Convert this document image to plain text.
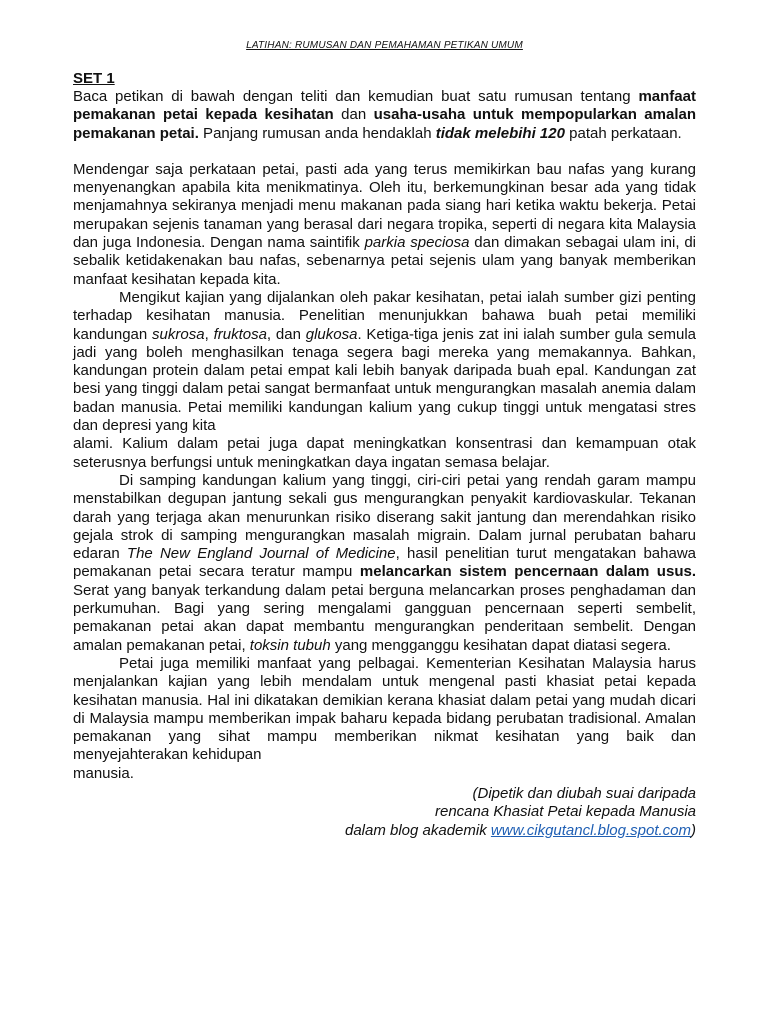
LATIHAN: RUMUSAN DAN PEMAHAMAN PETIKAN UMUM
SET 1

Baca petikan di bawah dengan teliti dan kemudian buat satu rumusan tentang manfaat pemakanan petai kepada kesihatan dan usaha-usaha untuk mempopularkan amalan pemakanan petai. Panjang rumusan anda hendaklah tidak melebihi 120 patah perkataan.

Mendengar saja perkataan petai, pasti ada yang terus memikirkan bau nafas yang kurang menyenangkan apabila kita menikmatinya. Oleh itu, berkemungkinan besar ada yang tidak menjamahnya sekiranya menjadi menu makanan pada siang hari ketika waktu bekerja. Petai merupakan sejenis tanaman yang berasal dari negara tropika, seperti di negara kita Malaysia dan juga Indonesia. Dengan nama saintifik parkia speciosa dan dimakan sebagai ulam ini, di sebalik ketidakenakan bau nafas, sebenarnya petai sejenis ulam yang banyak memberikan manfaat kesihatan kepada kita.

Mengikut kajian yang dijalankan oleh pakar kesihatan, petai ialah sumber gizi penting terhadap kesihatan manusia. Penelitian menunjukkan bahawa buah petai memiliki kandungan sukrosa, fruktosa, dan glukosa. Ketiga-tiga jenis zat ini ialah sumber gula semula jadi yang boleh menghasilkan tenaga segera bagi mereka yang memakannya. Bahkan, kandungan protein dalam petai empat kali lebih banyak daripada buah epal. Kandungan zat besi yang tinggi dalam petai sangat bermanfaat untuk mengurangkan masalah anemia dalam badan manusia. Petai memiliki kandungan kalium yang cukup tinggi untuk mengatasi stres dan depresi yang kita

alami. Kalium dalam petai juga dapat meningkatkan konsentrasi dan kemampuan otak seterusnya berfungsi untuk meningkatkan daya ingatan semasa belajar.

Di samping kandungan kalium yang tinggi, ciri-ciri petai yang rendah garam mampu menstabilkan degupan jantung sekali gus mengurangkan penyakit kardiovaskular. Tekanan darah yang terjaga akan menurunkan risiko diserang sakit jantung dan merendahkan risiko gejala strok di samping mengurangkan masalah migrain. Dalam jurnal perubatan baharu edaran The New England Journal of Medicine, hasil penelitian turut mengatakan bahawa pemakanan petai secara teratur mampu melancarkan sistem pencernaan dalam usus. Serat yang banyak terkandung dalam petai berguna melancarkan proses penghadaman dan perkumuhan. Bagi yang sering mengalami gangguan pencernaan seperti sembelit, pemakanan petai akan dapat membantu mengurangkan penderitaan sembelit. Dengan amalan pemakanan petai, toksin tubuh yang mengganggu kesihatan dapat diatasi segera.

Petai juga memiliki manfaat yang pelbagai. Kementerian Kesihatan Malaysia harus menjalankan kajian yang lebih mendalam untuk mengenal pasti khasiat petai kepada kesihatan manusia. Hal ini dikatakan demikian kerana khasiat dalam petai yang mudah dicari di Malaysia mampu memberikan impak baharu kepada bidang perubatan tradisional. Amalan pemakanan yang sihat mampu memberikan nikmat kesihatan yang baik dan menyejahterakan kehidupan

manusia.

(Dipetik dan diubah suai daripada
rencana Khasiat Petai kepada Manusia
dalam blog akademik www.cikgutancl.blog.spot.com)
